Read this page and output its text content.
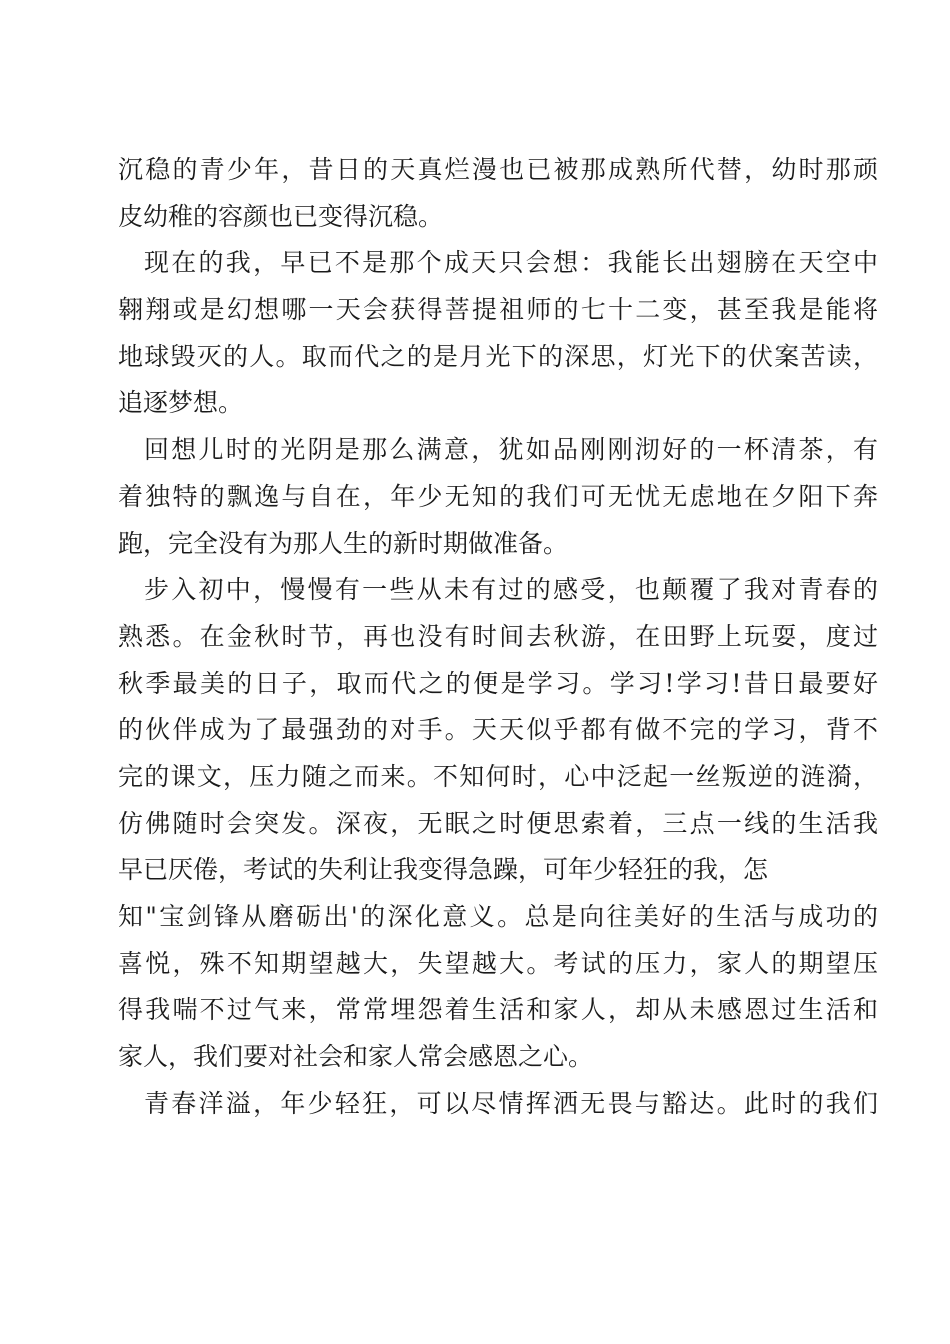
沉稳的青少年，昔日的天真烂漫也已被那成熟所代替，幼时那顽
皮幼稚的容颜也已变得沉稳。
现在的我，早已不是那个成天只会想：我能长出翅膀在天空中
翱翔或是幻想哪一天会获得菩提祖师的七十二变，甚至我是能将
地球毁灭的人。取而代之的是月光下的深思，灯光下的伏案苦读，
追逐梦想。
回想儿时的光阴是那么满意，犹如品刚刚沏好的一杯清茶，有
着独特的飘逸与自在，年少无知的我们可无忧无虑地在夕阳下奔
跑，完全没有为那人生的新时期做准备。
步入初中，慢慢有一些从未有过的感受，也颠覆了我对青春的
熟悉。在金秋时节，再也没有时间去秋游，在田野上玩耍，度过
秋季最美的日子，取而代之的便是学习。学习!学习!昔日最要好
的伙伴成为了最强劲的对手。天天似乎都有做不完的学习，背不
完的课文，压力随之而来。不知何时，心中泛起一丝叛逆的涟漪，
仿佛随时会突发。深夜，无眠之时便思索着，三点一线的生活我
早已厌倦，考试的失利让我变得急躁，可年少轻狂的我，怎
知"宝剑锋从磨砺出'的深化意义。总是向往美好的生活与成功的
喜悦，殊不知期望越大，失望越大。考试的压力，家人的期望压
得我喘不过气来，常常埋怨着生活和家人，却从未感恩过生活和
家人，我们要对社会和家人常会感恩之心。
青春洋溢，年少轻狂，可以尽情挥洒无畏与豁达。此时的我们
